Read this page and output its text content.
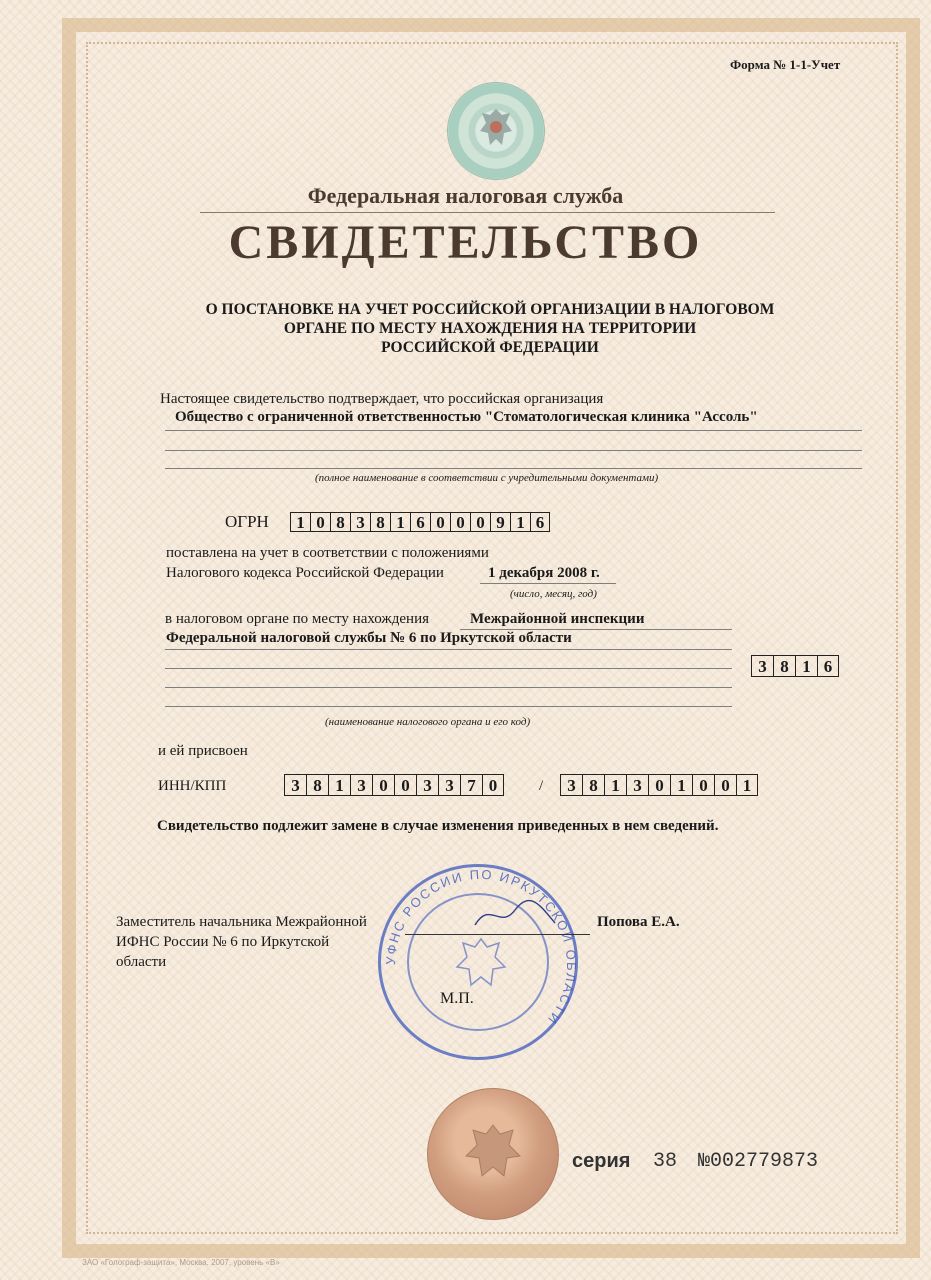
Форма № 1-1-Учет
Федеральная налоговая служба
СВИДЕТЕЛЬСТВО
О ПОСТАНОВКЕ НА УЧЕТ РОССИЙСКОЙ ОРГАНИЗАЦИИ В НАЛОГОВОМ
ОРГАНЕ ПО МЕСТУ НАХОЖДЕНИЯ НА ТЕРРИТОРИИ
РОССИЙСКОЙ ФЕДЕРАЦИИ
Настоящее свидетельство подтверждает, что российская организация
Общество с ограниченной ответственностью "Стоматологическая клиника "Ассоль"
(полное наименование в соответствии с учредительными документами)
ОГРН	1 0 8 3 8 1 6 0 0 0 9 1 6
поставлена на учет в соответствии с положениями
Налогового кодекса Российской Федерации	1 декабря 2008 г.
(число, месяц, год)
в налоговом органе по месту нахождения	Межрайонной инспекции
Федеральной налоговой службы № 6 по Иркутской области
3 8 1 6
(наименование налогового органа и его код)
и ей присвоен
ИНН/КПП	3 8 1 3 0 0 3 3 7 0	/	3 8 1 3 0 1 0 0 1
Свидетельство подлежит замене в случае изменения приведенных в нем сведений.
УФНС РОССИИ ПО ИРКУТСКОЙ ОБЛАСТИ
Заместитель начальника Межрайонной
ИФНС России № 6 по Иркутской
области
Попова Е.А.
М.П.
серия 38 №002779873
ЗАО «Голограф-защита», Москва, 2007, уровень «В»
